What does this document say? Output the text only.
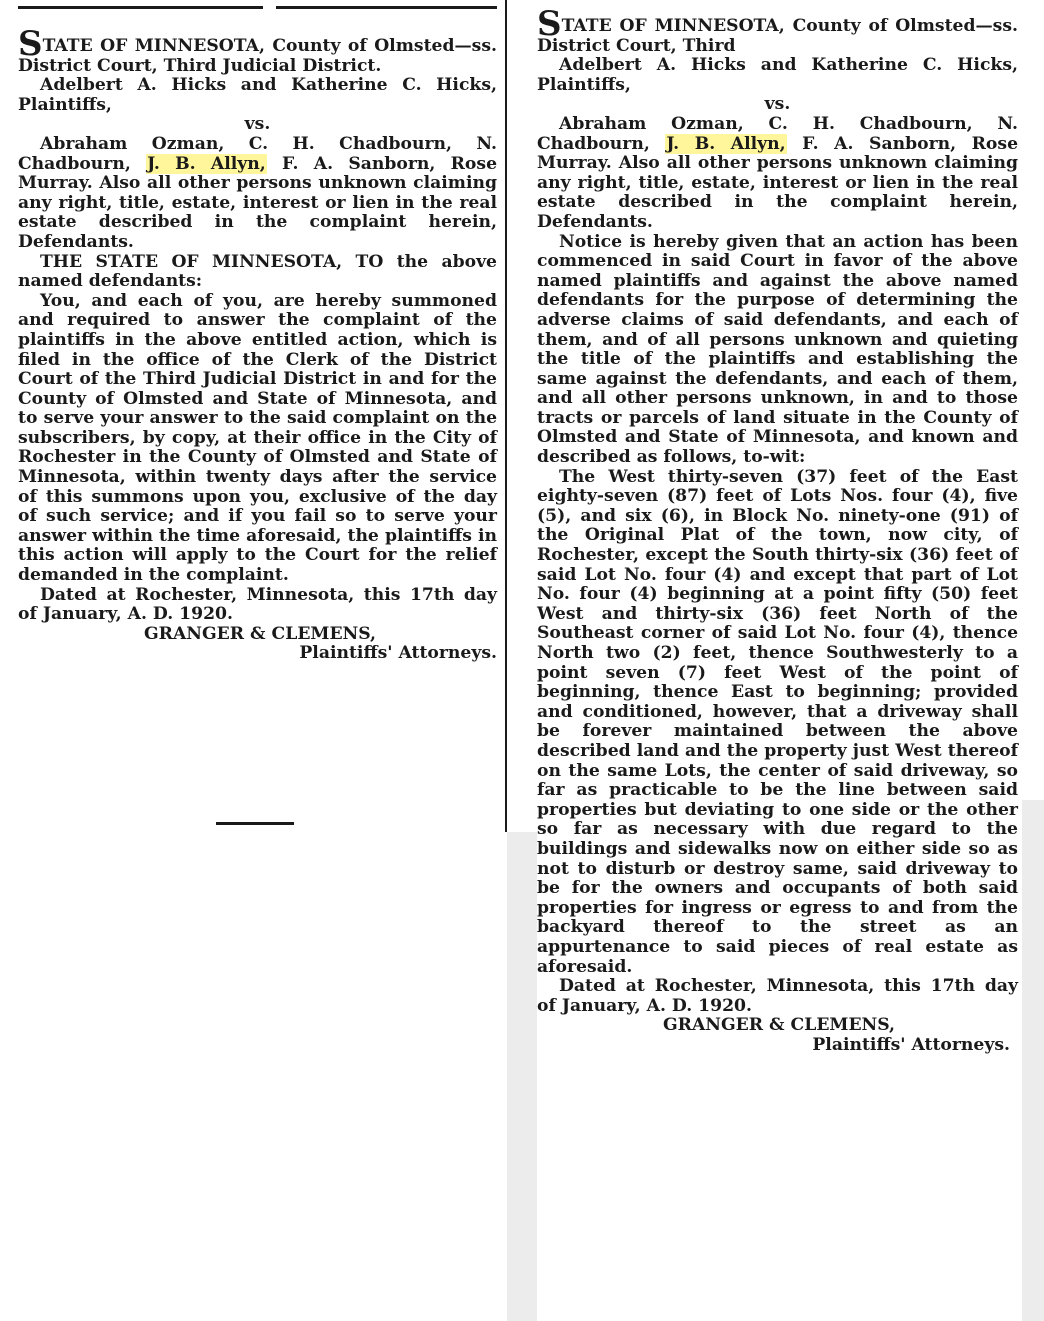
STATE OF MINNESOTA, County of Olmsted—ss. District Court, Third Judicial District.

Adelbert A. Hicks and Katherine C. Hicks, Plaintiffs,

vs.

Abraham Ozman, C. H. Chadbourn, N. Chadbourn, J. B. Allyn, F. A. Sanborn, Rose Murray. Also all other persons unknown claiming any right, title, estate, interest or lien in the real estate described in the complaint herein, Defendants.

THE STATE OF MINNESOTA, TO the above named defendants:

You, and each of you, are hereby summoned and required to answer the complaint of the plaintiffs in the above entitled action, which is filed in the office of the Clerk of the District Court of the Third Judicial District in and for the County of Olmsted and State of Minnesota, and to serve your answer to the said complaint on the subscribers, by copy, at their office in the City of Rochester in the County of Olmsted and State of Minnesota, within twenty days after the service of this summons upon you, exclusive of the day of such service; and if you fail so to serve your answer within the time aforesaid, the plaintiffs in this action will apply to the Court for the relief demanded in the complaint.

Dated at Rochester, Minnesota, this 17th day of January, A. D. 1920.

GRANGER & CLEMENS,

Plaintiffs' Attorneys.

STATE OF MINNESOTA, County of Olmsted—ss. District Court, Third

Adelbert A. Hicks and Katherine C. Hicks, Plaintiffs,

vs.

Abraham Ozman, C. H. Chadbourn, N. Chadbourn, J. B. Allyn, F. A. Sanborn, Rose Murray. Also all other persons unknown claiming any right, title, estate, interest or lien in the real estate described in the complaint herein, Defendants.

Notice is hereby given that an action has been commenced in said Court in favor of the above named plaintiffs and against the above named defendants for the purpose of determining the adverse claims of said defendants, and each of them, and of all persons unknown and quieting the title of the plaintiffs and establishing the same against the defendants, and each of them, and all other persons unknown, in and to those tracts or parcels of land situate in the County of Olmsted and State of Minnesota, and known and described as follows, to-wit:

The West thirty-seven (37) feet of the East eighty-seven (87) feet of Lots Nos. four (4), five (5), and six (6), in Block No. ninety-one (91) of the Original Plat of the town, now city, of Rochester, except the South thirty-six (36) feet of said Lot No. four (4) and except that part of Lot No. four (4) beginning at a point fifty (50) feet West and thirty-six (36) feet North of the Southeast corner of said Lot No. four (4), thence North two (2) feet, thence Southwesterly to a point seven (7) feet West of the point of beginning, thence East to beginning; provided and conditioned, however, that a driveway shall be forever maintained between the above described land and the property just West thereof on the same Lots, the center of said driveway, so far as practicable to be the line between said properties but deviating to one side or the other so far as necessary with due regard to the buildings and sidewalks now on either side so as not to disturb or destroy same, said driveway to be for the owners and occupants of both said properties for ingress or egress to and from the backyard thereof to the street as an appurtenance to said pieces of real estate as aforesaid.

Dated at Rochester, Minnesota, this 17th day of January, A. D. 1920.

GRANGER & CLEMENS,

Plaintiffs' Attorneys.
